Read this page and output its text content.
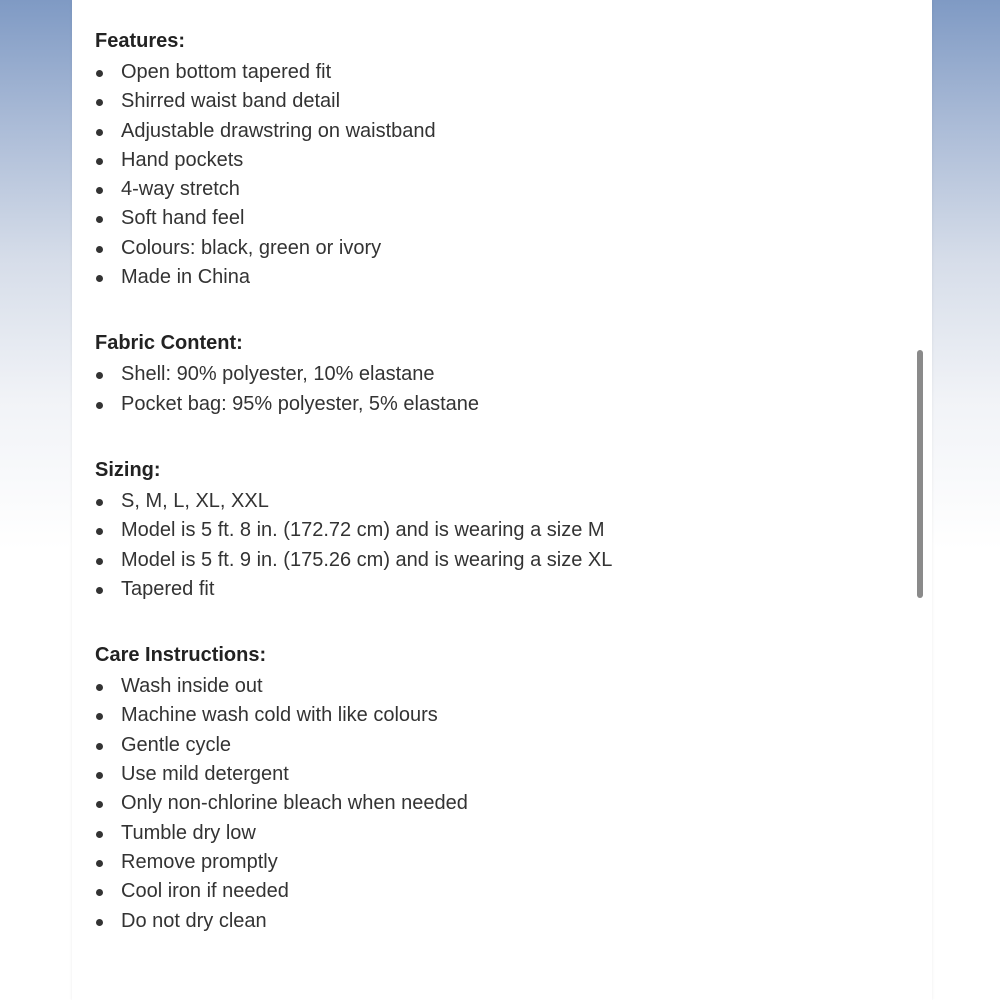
Features:
Open bottom tapered fit
Shirred waist band detail
Adjustable drawstring on waistband
Hand pockets
4-way stretch
Soft hand feel
Colours: black, green or ivory
Made in China
Fabric Content:
Shell: 90% polyester, 10% elastane
Pocket bag: 95% polyester, 5% elastane
Sizing:
S, M, L, XL, XXL
Model is 5 ft. 8 in. (172.72 cm) and is wearing a size M
Model is 5 ft. 9 in. (175.26 cm) and is wearing a size XL
Tapered fit
Care Instructions:
Wash inside out
Machine wash cold with like colours
Gentle cycle
Use mild detergent
Only non-chlorine bleach when needed
Tumble dry low
Remove promptly
Cool iron if needed
Do not dry clean
